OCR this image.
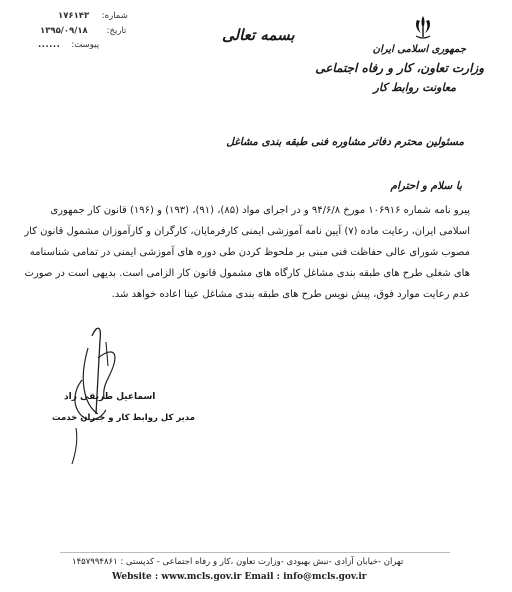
شماره: ۱۷۶۱۴۳
تاریخ: ۱۳۹۵/۰۹/۱۸
پیوست: ......
بسمه تعالی
جمهوری اسلامی ایران
وزارت تعاون، کار و رفاه اجتماعی
معاونت روابط کار
مسئولین محترم دفاتر مشاوره فنی طبقه بندی مشاغل
با سلام و احترام
پیرو نامه شماره ۱۰۶۹۱۶ مورخ ۹۴/۶/۸ و در اجرای مواد (۸۵)، (۹۱)، (۱۹۳) و (۱۹۶) قانون کار جمهوری
اسلامی ایران، رعایت ماده (۷) آیین نامه آموزشی ایمنی کارفرمایان، کارگران و کارآموزان مشمول قانون کار
مصوب شورای عالی حفاظت فنی مبنی بر ملحوظ کردن طی دوره های آموزشی ایمنی در تمامی شناسنامه
های شغلی طرح های طبقه بندی مشاغل کارگاه های مشمول قانون کار الزامی است. بدیهی است در صورت
عدم رعایت موارد فوق، پیش نویس طرح های طبقه بندی مشاغل عینا اعاده خواهد شد.
اسماعیل طریقی زاد
مدیر کل روابط کار و جبران خدمت
تهران -خیابان آزادی -نبش بهبودی -وزارت تعاون ،کار و رفاه اجتماعی - کدپستی : ۱۴۵۷۹۹۴۸۶۱
Website : www.mcls.gov.ir Email : info@mcls.gov.ir
